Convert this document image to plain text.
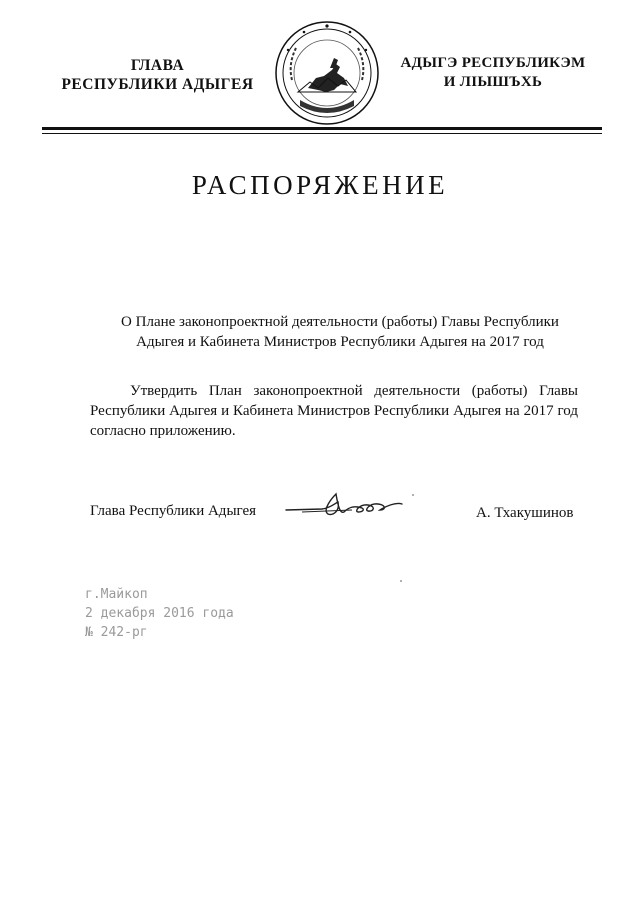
ГЛАВА
РЕСПУБЛИКИ АДЫГЕЯ
АДЫГЭ РЕСПУБЛИКЭМ
И ЛІЫШЪХЬ
РАСПОРЯЖЕНИЕ
О Плане законопроектной деятельности (работы) Главы Республики
Адыгея и Кабинета Министров Республики Адыгея на 2017 год
Утвердить План законопроектной деятельности (работы) Главы Республики Адыгея и Кабинета Министров Республики Адыгея на 2017 год согласно приложению.
Глава Республики Адыгея	А. Тхакушинов
г.Майкоп
2 декабря 2016 года
№ 242-рг
